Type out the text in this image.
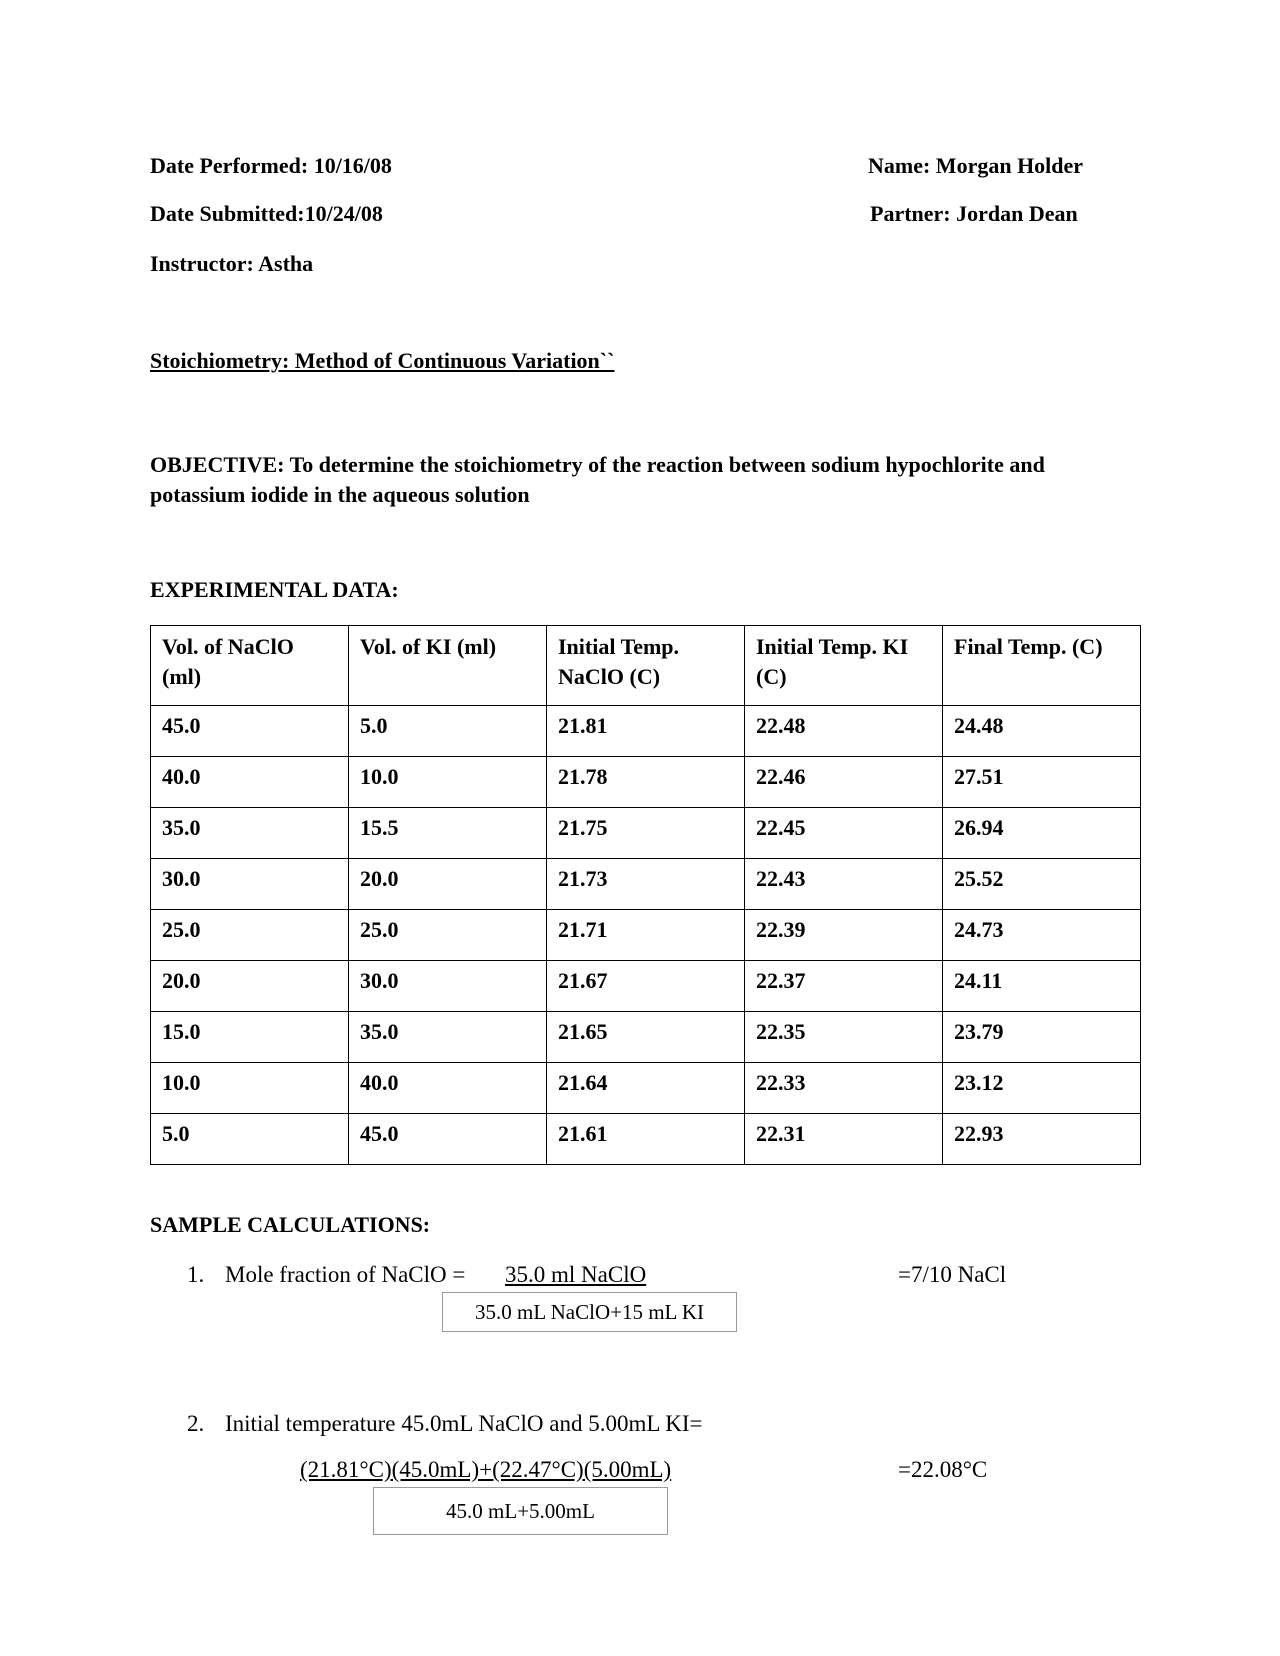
Date Performed: 10/16/08
Date Submitted:10/24/08
Instructor: Astha
Name: Morgan Holder
Partner: Jordan Dean
Stoichiometry: Method of Continuous Variation``
OBJECTIVE: To determine the stoichiometry of the reaction between sodium hypochlorite and potassium iodide in the aqueous solution
EXPERIMENTAL DATA:
Vol. of NaClO (ml)	Vol. of KI (ml)	Initial Temp. NaClO (C)	Initial Temp. KI (C)	Final Temp. (C)
45.0	5.0	21.81	22.48	24.48
40.0	10.0	21.78	22.46	27.51
35.0	15.5	21.75	22.45	26.94
30.0	20.0	21.73	22.43	25.52
25.0	25.0	21.71	22.39	24.73
20.0	30.0	21.67	22.37	24.11
15.0	35.0	21.65	22.35	23.79
10.0	40.0	21.64	22.33	23.12
5.0	45.0	21.61	22.31	22.93
SAMPLE CALCULATIONS:
1. Mole fraction of NaClO = 35.0 ml NaClO
35.0 mL NaClO+15 mL KI
=7/10 NaCl
2. Initial temperature 45.0mL NaClO and 5.00mL KI=
(21.81°C)(45.0mL)+(22.47°C)(5.00mL)
45.0 mL+5.00mL
=22.08°C
